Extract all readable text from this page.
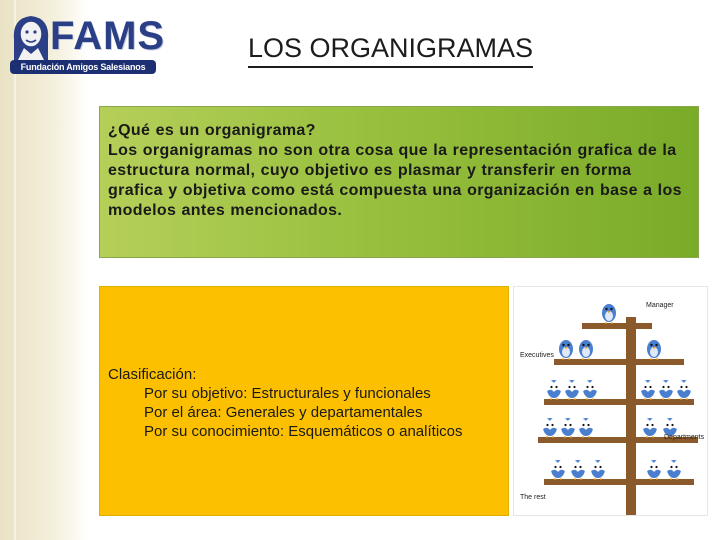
FAMS
Fundación Amigos Salesianos
LOS ORGANIGRAMAS
¿Qué es un organigrama?
Los organigramas no son otra cosa que la representación grafica de la estructura normal, cuyo objetivo es plasmar y transferir en forma grafica y objetiva como está compuesta una organización en base a los modelos antes mencionados.
Clasificación:
Por su objetivo: Estructurales y funcionales
Por el área: Generales y departamentales
Por su conocimiento: Esquemáticos o analíticos
Manager
Executives
Departments
The rest
